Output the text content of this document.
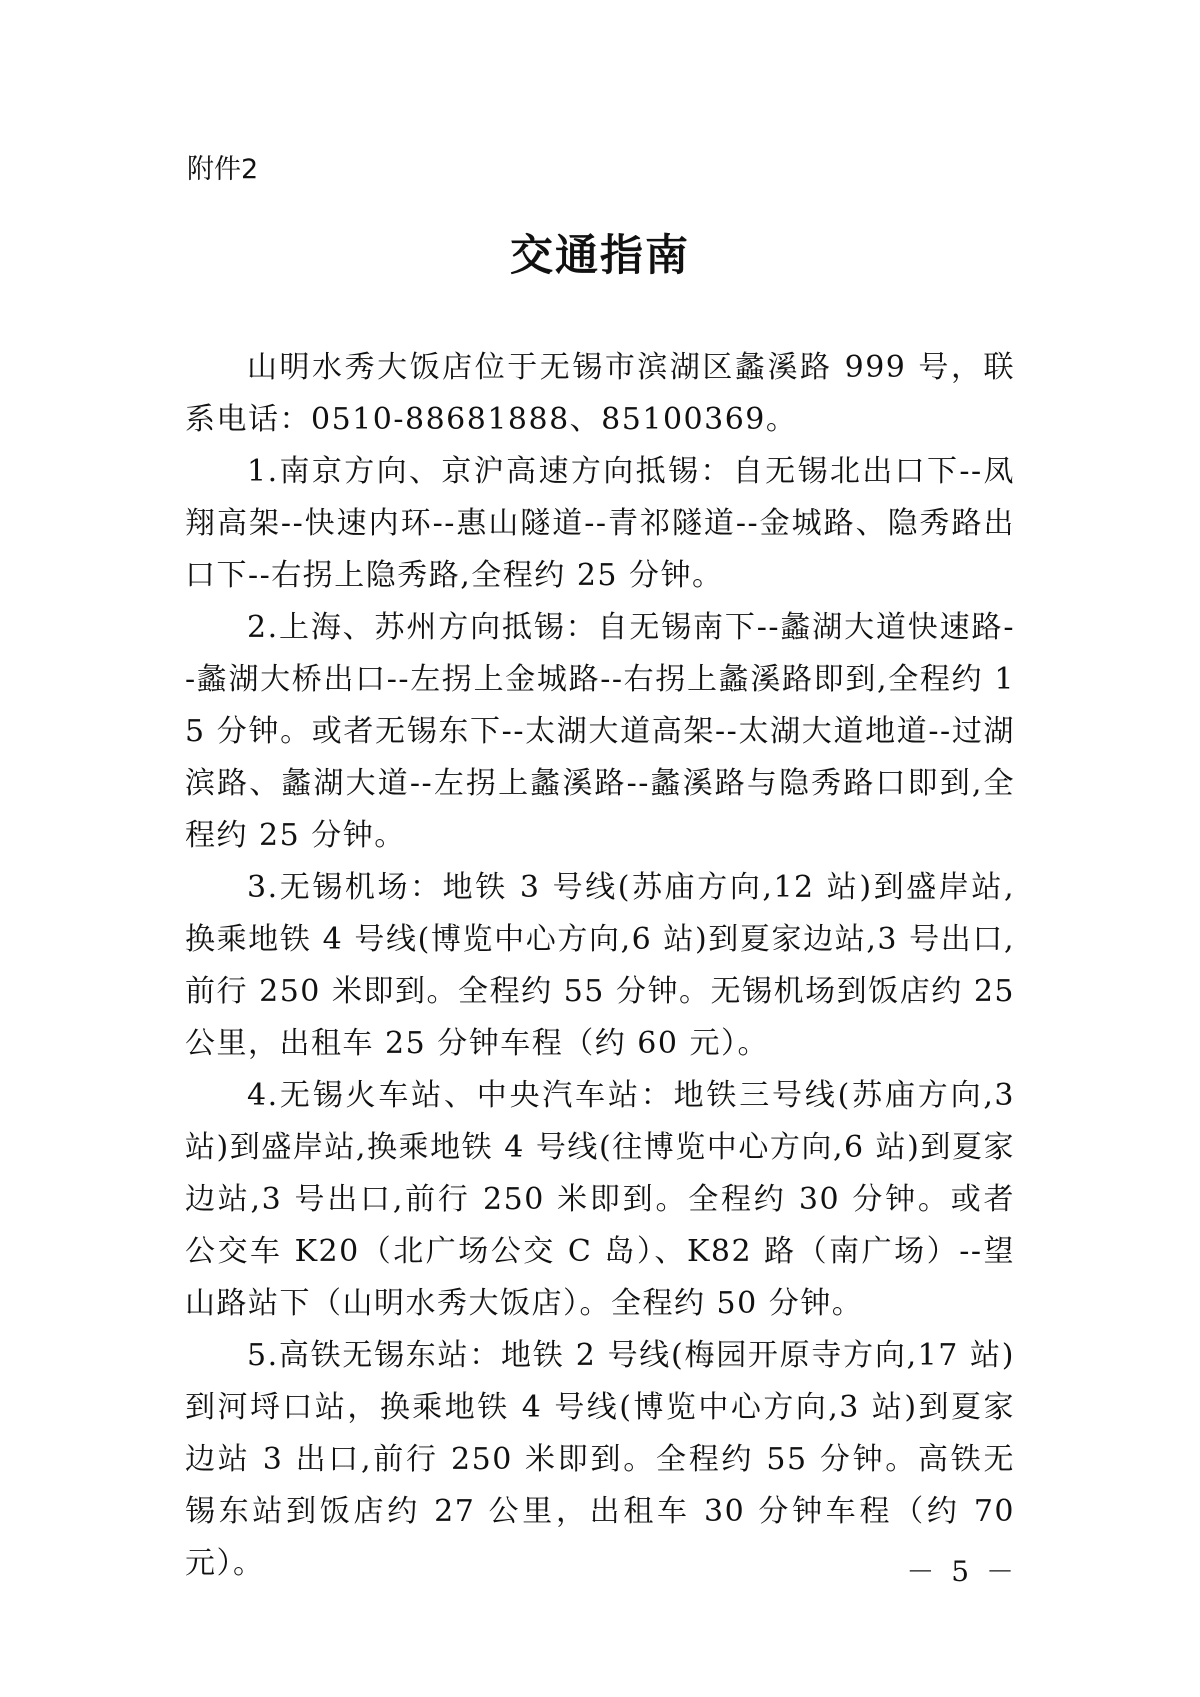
附件2
交通指南

山明水秀大饭店位于无锡市滨湖区蠡溪路 999 号，联系电话：0510-88681888、85100369。

1.南京方向、京沪高速方向抵锡：自无锡北出口下--凤翔高架--快速内环--惠山隧道--青祁隧道--金城路、隐秀路出口下--右拐上隐秀路,全程约 25 分钟。

2.上海、苏州方向抵锡：自无锡南下--蠡湖大道快速路--蠡湖大桥出口--左拐上金城路--右拐上蠡溪路即到,全程约 15 分钟。或者无锡东下--太湖大道高架--太湖大道地道--过湖滨路、蠡湖大道--左拐上蠡溪路--蠡溪路与隐秀路口即到,全程约 25 分钟。

3.无锡机场：地铁 3 号线(苏庙方向,12 站)到盛岸站,换乘地铁 4 号线(博览中心方向,6 站)到夏家边站,3 号出口,前行 250 米即到。全程约 55 分钟。无锡机场到饭店约 25 公里，出租车 25 分钟车程（约 60 元）。

4.无锡火车站、中央汽车站：地铁三号线(苏庙方向,3 站)到盛岸站,换乘地铁 4 号线(往博览中心方向,6 站)到夏家边站,3 号出口,前行 250 米即到。全程约 30 分钟。或者公交车 K20（北广场公交 C 岛）、K82 路（南广场）--望山路站下（山明水秀大饭店）。全程约 50 分钟。

5.高铁无锡东站：地铁 2 号线(梅园开原寺方向,17 站)到河埒口站，换乘地铁 4 号线(博览中心方向,3 站)到夏家边站 3 出口,前行 250 米即到。全程约 55 分钟。高铁无锡东站到饭店约 27 公里，出租车 30 分钟车程（约 70 元）。	－ 5 －
